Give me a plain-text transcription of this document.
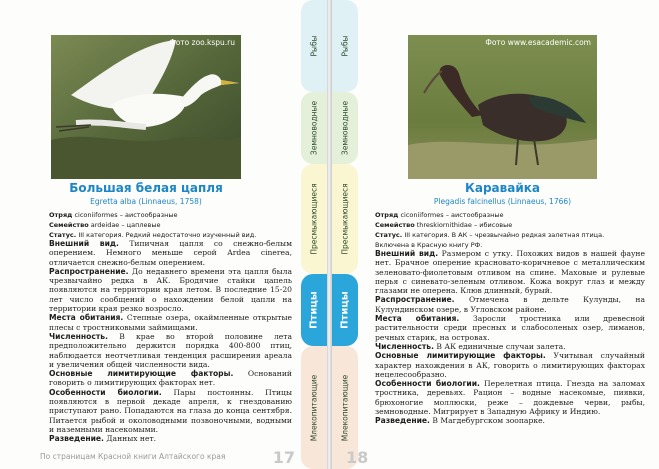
Фото zoo.kspu.ru
Большая белая цапля
Egretta alba (Linnaeus, 1758)
Отряд ciconiiformes – аистообразные
Семейство ardeidae – цаплевые
Статус. III категория. Редкий недостаточно изученный вид.

Внешний вид. Типичная цапля со снежно-белым оперением. Немного меньше серой Ardea cinerea, отличается снежно-белым оперением.

Распространение. До недавнего времени эта цапля была чрезвычайно редка в АК. Бродячие стайки цапель появляются на территории края летом. В последние 15-20 лет число сообщений о нахождении белой цапли на территории края резко возросло.

Места обитания. Степные озера, окаймленные открытые плесы с тростниковыми займищами.

Численность. В крае во второй половине лета предположительно держится порядка 400-800 птиц, наблюдается неотчетливая тенденция расширения ареала и увеличения общей численности вида.

Основные лимитирующие факторы. Оснований говорить о лимитирующих факторах нет.

Особенности биологии. Пары постоянны. Птицы появляются в первой декаде апреля, к гнездованию приступают рано. Попадаются на глаза до конца сентября. Питается рыбой и околоводными позвоночными, водными и наземными насекомыми.

Разведение. Данных нет.

По страницам Красной книги Алтайского края	17
Рыбы
Земноводные
Пресмыкающиеся
Птицы
Млекопитающие
Рыбы
Земноводные
Пресмыкающиеся
Птицы
Млекопитающие
Фото www.esacademic.com
Каравайка
Plegadis falcinellus (Linnaeus, 1766)
Отряд ciconiiformes – аистообразные
Семейство threskiornithidae – ибисовые
Статус. III категория. В АК – чрезвычайно редкая залетная птица. Включена в Красную книгу РФ.

Внешний вид. Размером с утку. Похожих видов в нашей фауне нет. Брачное оперение красновато-коричневое с металлическим зеленовато-фиолетовым отливом на спине. Маховые и рулевые перья с синевато-зеленым отливом. Кожа вокруг глаз и между глазами не оперена. Клюв длинный, бурый.

Распространение. Отмечена в дельте Кулунды, на Кулундинском озере, в Угловском районе.

Места обитания. Заросли тростника или древесной растительности среди пресных и слабосоленых озер, лиманов, речных старик, на островах.

Численность. В АК единичные случаи залета.

Основные лимитирующие факторы. Учитывая случайный характер нахождения в АК, говорить о лимитирующих факторах нецелесообразно.

Особенности биологии. Перелетная птица. Гнезда на заломах тростника, деревьях. Рацион – водные насекомые, пиявки, брюхоногие моллюски, реже – дождевые черви, рыбы, земноводные. Мигрирует в Западную Африку и Индию.

Разведение. В Магдебургском зоопарке.

18
